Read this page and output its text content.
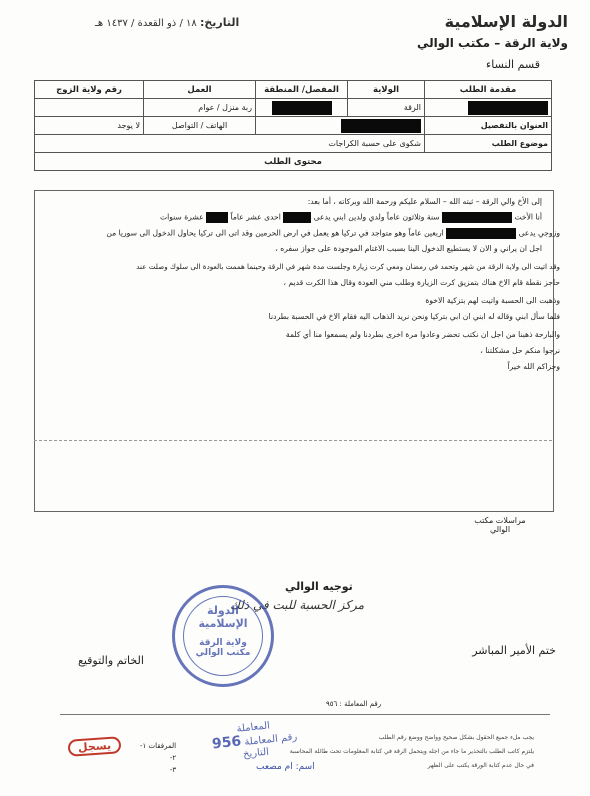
الدولة الإسلامية
ولاية الرقة – مكتب الوالي
قسم النساء
التاريخ: ١٨ / ذو القعدة / ١٤٣٧ هـ
مقدمة الطلب	الولاية	المفصل/ المنطقة	العمل	رقم ولاية الزوج
	الرقة		ربة منزل / عوام	
العنوان بالتفصيل			الهاتف / التواصل	لا يوجد
موضوع الطلب	شكوى على حسبة الكراجات			
محتوى الطلب				
إلى الأخ والي الرقة – ثبته الله – السلام عليكم ورحمة الله وبركاته ، أما بعد:
أنا الأخت  سنة وثلاثون عاماً ولدي ولدين ابني يدعى  احدى عشر عاماً  عشرة سنوات
وزوجي يدعى  اربعين عاماً وهو متواجد في تركيا هو يعمل في ارض الحرمين وقد اتى الى تركيا يحاول الدخول الى سوريا من
اجل ان يراني و الان لا يستطيع الدخول الينا بسبب الاغتام الموجودة على جواز سفره ،
وقد اتيت الى ولاية الرقة من شهر وتحمد في رمضان ومعي كرت زيارة وجلست مدة شهر في الرقة وحينما هممت بالعودة الى سلوك وصلت عند
حاجز نقطة قام الاخ هناك بتمزيق كرت الزيارة وطلب مني العودة وقال هذا الكرت قديم ،
وذهبت الى الحسبة واتيت لهم بتزكية الاخوة
فلما سأل ابني وقاله له ابني ان ابي بتركيا ونحن نريد الذهاب اليه فقام الاخ في الحسبة بطردنا
والبارحة ذهبنا من اجل ان نكتب تحضر وعادوا مرة اخرى بطردنا ولم يسمعوا منا أي كلمة
نرجوا منكم حل مشكلتنا ،
وجزاكم الله خيراً
مراسلات مكتب الوالي
توجيه الوالي
مركز الحسبة للبت في ذلك
ختم الأمير المباشر
الخاتم والتوقيع
الدولة
الإسلامية
ولاية الرقة
مكتب الوالي
رقم المعاملة : ٩٥٦
يجب ملء جميع الحقول بشكل صحيح وواضح ووضع رقم الطلب
يلتزم كاتب الطلب بالتحذير ما جاء من اجله ويتحمل الرقة في كتابة المعلومات تحت طائلة المحاسبة
في حال عدم كتابة الورقة يكتب على الظهر
المرفقات ١-
٢-
٣-
يسجل
المعاملة
رقم المعاملة 956
التاريخ
اسم: ام مصعب
